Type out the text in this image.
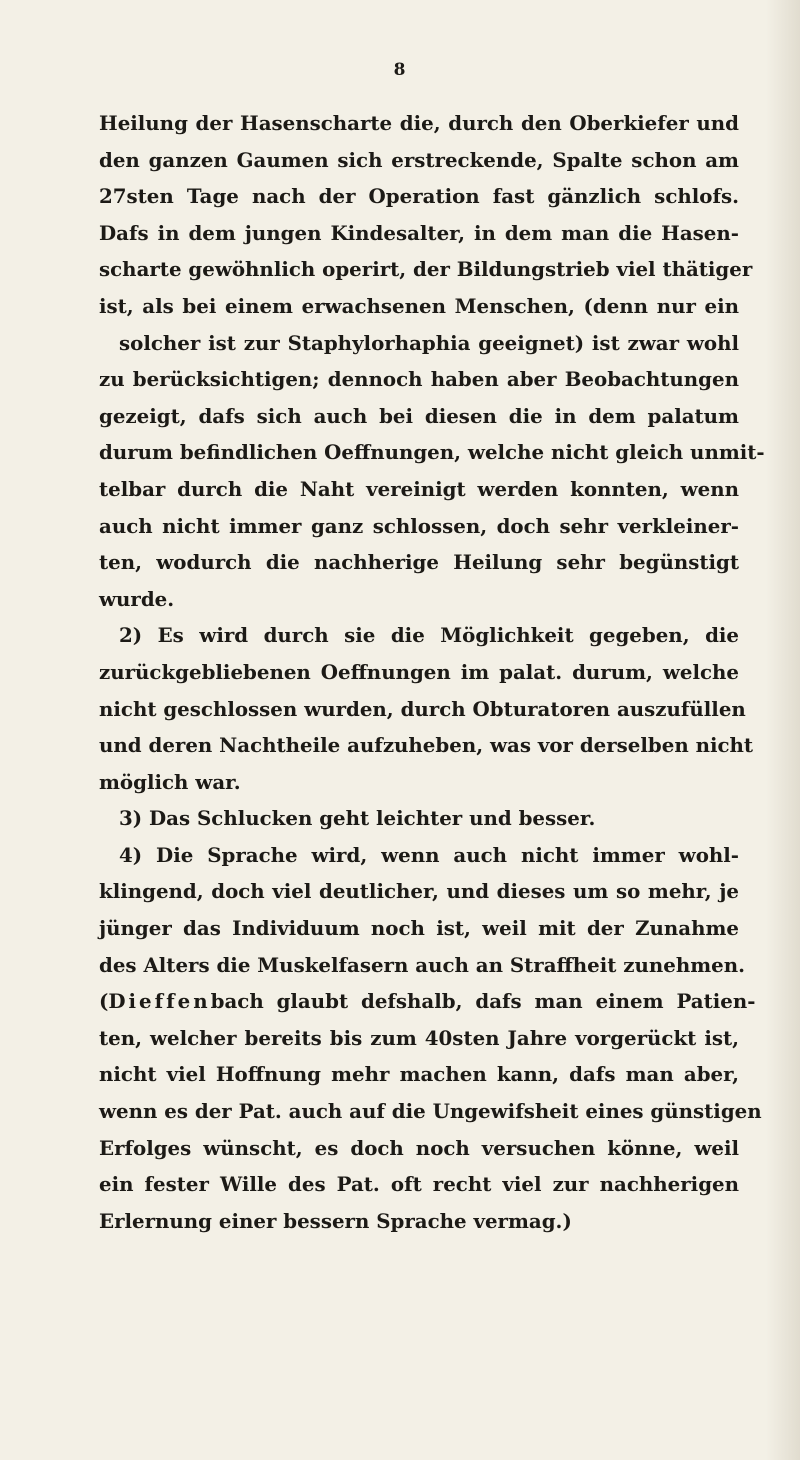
8
Heilung der Hasenscharte die, durch den Oberkiefer und
den ganzen Gaumen sich erstreckende, Spalte schon am
27sten Tage nach der Operation fast gänzlich schlofs.
Dafs in dem jungen Kindesalter, in dem man die Hasen-
scharte gewöhnlich operirt, der Bildungstrieb viel thätiger
ist, als bei einem erwachsenen Menschen, (denn nur ein
solcher ist zur Staphylorhaphia geeignet) ist zwar wohl
zu berücksichtigen; dennoch haben aber Beobachtungen
gezeigt, dafs sich auch bei diesen die in dem palatum
durum befindlichen Oeffnungen, welche nicht gleich unmit-
telbar durch die Naht vereinigt werden konnten, wenn
auch nicht immer ganz schlossen, doch sehr verkleiner-
ten, wodurch die nachherige Heilung sehr begünstigt
wurde.
2) Es wird durch sie die Möglichkeit gegeben, die
zurückgebliebenen Oeffnungen im palat. durum, welche
nicht geschlossen wurden, durch Obturatoren auszufüllen
und deren Nachtheile aufzuheben, was vor derselben nicht
möglich war.
3) Das Schlucken geht leichter und besser.
4) Die Sprache wird, wenn auch nicht immer wohl-
klingend, doch viel deutlicher, und dieses um so mehr, je
jünger das Individuum noch ist, weil mit der Zunahme
des Alters die Muskelfasern auch an Straffheit zunehmen.
(Dieffenbach glaubt defshalb, dafs man einem Patien-
ten, welcher bereits bis zum 40sten Jahre vorgerückt ist,
nicht viel Hoffnung mehr machen kann, dafs man aber,
wenn es der Pat. auch auf die Ungewifsheit eines günstigen
Erfolges wünscht, es doch noch versuchen könne, weil
ein fester Wille des Pat. oft recht viel zur nachherigen
Erlernung einer bessern Sprache vermag.)
